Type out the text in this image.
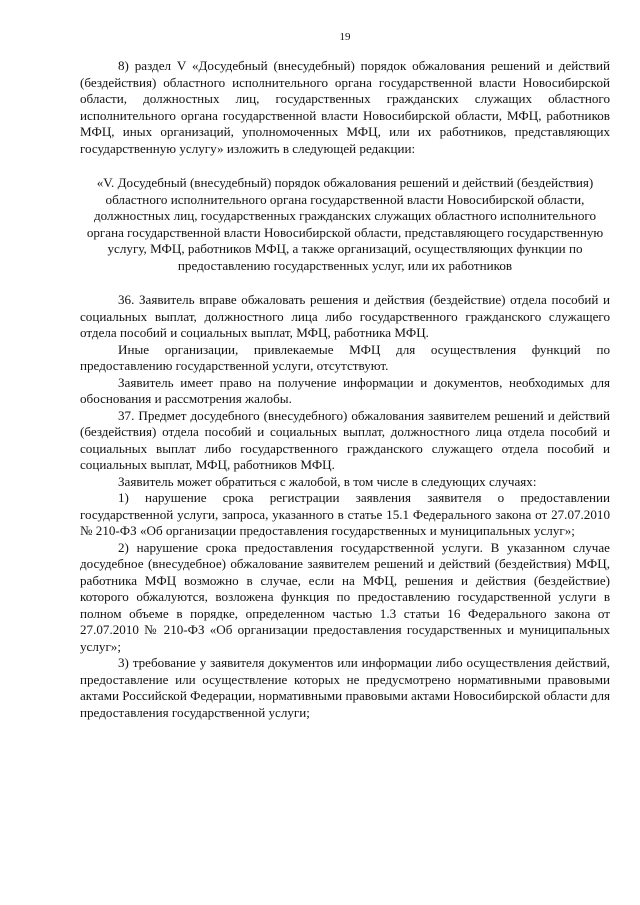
19

8) раздел V «Досудебный (внесудебный) порядок обжалования решений и действий (бездействия) областного исполнительного органа государственной власти Новосибирской области, должностных лиц, государственных гражданских служащих областного исполнительного органа государственной власти Новосибирской области, МФЦ, работников МФЦ, иных организаций, уполномоченных МФЦ, или их работников, представляющих государственную услугу» изложить в следующей редакции:

«V. Досудебный (внесудебный) порядок обжалования решений и действий (бездействия) областного исполнительного органа государственной власти Новосибирской области, должностных лиц, государственных гражданских служащих областного исполнительного органа государственной власти Новосибирской области, представляющего государственную услугу, МФЦ, работников МФЦ, а также организаций, осуществляющих функции по предоставлению государственных услуг, или их работников

36. Заявитель вправе обжаловать решения и действия (бездействие) отдела пособий и социальных выплат, должностного лица либо государственного гражданского служащего отдела пособий и социальных выплат, МФЦ, работника МФЦ.

Иные организации, привлекаемые МФЦ для осуществления функций по предоставлению государственной услуги, отсутствуют.

Заявитель имеет право на получение информации и документов, необходимых для обоснования и рассмотрения жалобы.

37. Предмет досудебного (внесудебного) обжалования заявителем решений и действий (бездействия) отдела пособий и социальных выплат, должностного лица отдела пособий и социальных выплат либо государственного гражданского служащего отдела пособий и социальных выплат, МФЦ, работников МФЦ.

Заявитель может обратиться с жалобой, в том числе в следующих случаях:

1) нарушение срока регистрации заявления заявителя о предоставлении государственной услуги, запроса, указанного в статье 15.1 Федерального закона от 27.07.2010 № 210-ФЗ «Об организации предоставления государственных и муниципальных услуг»;

2) нарушение срока предоставления государственной услуги. В указанном случае досудебное (внесудебное) обжалование заявителем решений и действий (бездействия) МФЦ, работника МФЦ возможно в случае, если на МФЦ, решения и действия (бездействие) которого обжалуются, возложена функция по предоставлению государственной услуги в полном объеме в порядке, определенном частью 1.3 статьи 16 Федерального закона от 27.07.2010 № 210-ФЗ «Об организации предоставления государственных и муниципальных услуг»;

3) требование у заявителя документов или информации либо осуществления действий, предоставление или осуществление которых не предусмотрено нормативными правовыми актами Российской Федерации, нормативными правовыми актами Новосибирской области для предоставления государственной услуги;
